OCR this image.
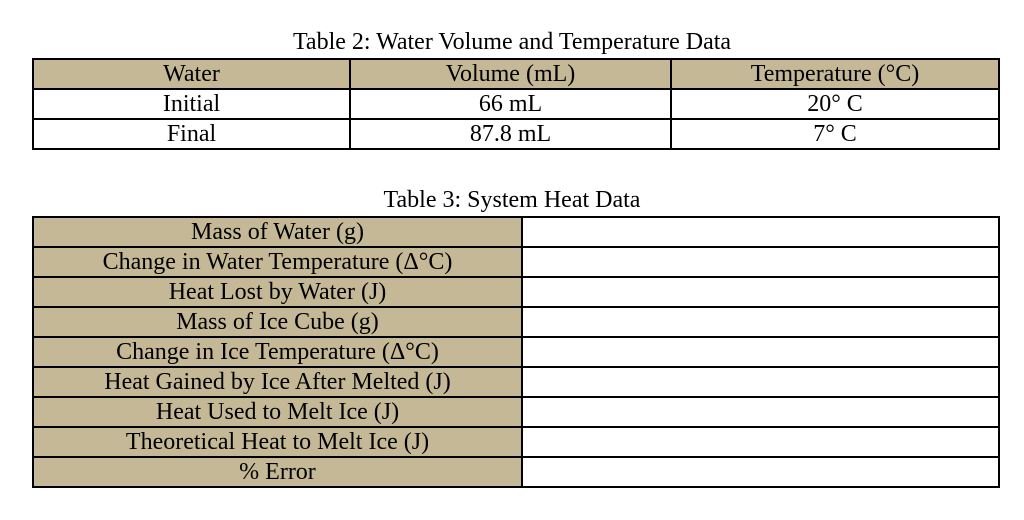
Table 2: Water Volume and Temperature Data
Water	Volume (mL)	Temperature (°C)
Initial	66 mL	20° C
Final	87.8 mL	7° C
Table 3: System Heat Data
Mass of Water (g)	
Change in Water Temperature (Δ°C)	
Heat Lost by Water (J)	
Mass of Ice Cube (g)	
Change in Ice Temperature (Δ°C)	
Heat Gained by Ice After Melted (J)	
Heat Used to Melt Ice (J)	
Theoretical Heat to Melt Ice (J)	
% Error	
